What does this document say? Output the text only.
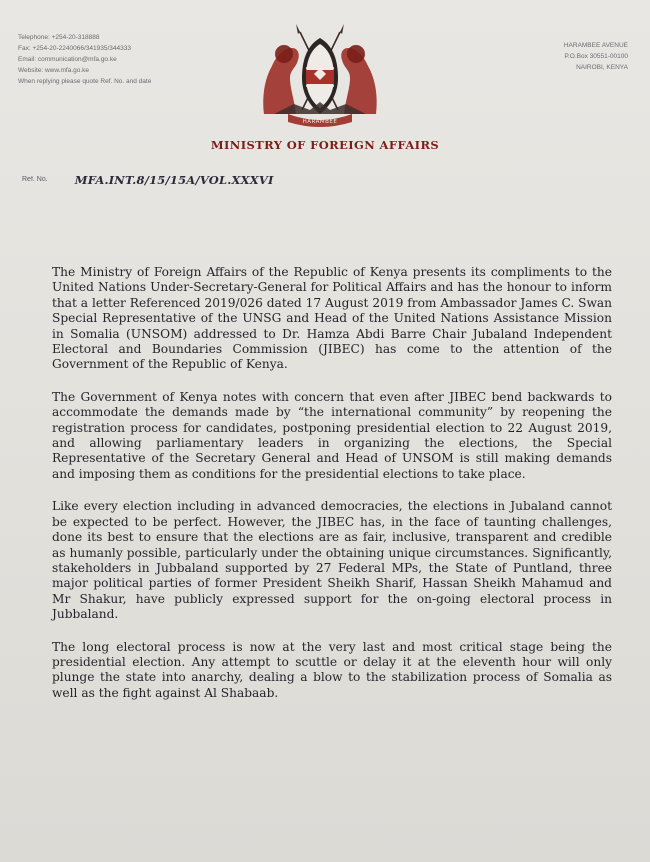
Telephone: +254-20-318888
Fax: +254-20-2240066/341935/344333
Email: communication@mfa.go.ke
Website: www.mfa.go.ke
When replying please quote Ref. No. and date
HARAMBEE AVENUE
P.O.Box 30551-00100
NAIROBI, KENYA
HARAMBEE
MINISTRY OF FOREIGN AFFAIRS
Ref. No. MFA.INT.8/15/15A/VOL.XXXVI

The Ministry of Foreign Affairs of the Republic of Kenya presents its compliments to the United Nations Under-Secretary-General for Political Affairs and has the honour to inform that a letter Referenced 2019/026 dated 17 August 2019 from Ambassador James C. Swan Special Representative of the UNSG and Head of the United Nations Assistance Mission in Somalia (UNSOM) addressed to Dr. Hamza Abdi Barre Chair Jubaland Independent Electoral and Boundaries Commission (JIBEC) has come to the attention of the Government of the Republic of Kenya.

The Government of Kenya notes with concern that even after JIBEC bend backwards to accommodate the demands made by “the international community” by reopening the registration process for candidates, postponing presidential election to 22 August 2019, and allowing parliamentary leaders in organizing the elections, the Special Representative of the Secretary General and Head of UNSOM is still making demands and imposing them as conditions for the presidential elections to take place.

Like every election including in advanced democracies, the elections in Jubaland cannot be expected to be perfect. However, the JIBEC has, in the face of taunting challenges, done its best to ensure that the elections are as fair, inclusive, transparent and credible as humanly possible, particularly under the obtaining unique circumstances. Significantly, stakeholders in Jubbaland supported by 27 Federal MPs, the State of Puntland, three major political parties of former President Sheikh Sharif, Hassan Sheikh Mahamud and Mr Shakur, have publicly expressed support for the on-going electoral process in Jubbaland.

The long electoral process is now at the very last and most critical stage being the presidential election. Any attempt to scuttle or delay it at the eleventh hour will only plunge the state into anarchy, dealing a blow to the stabilization process of Somalia as well as the fight against Al Shabaab.
